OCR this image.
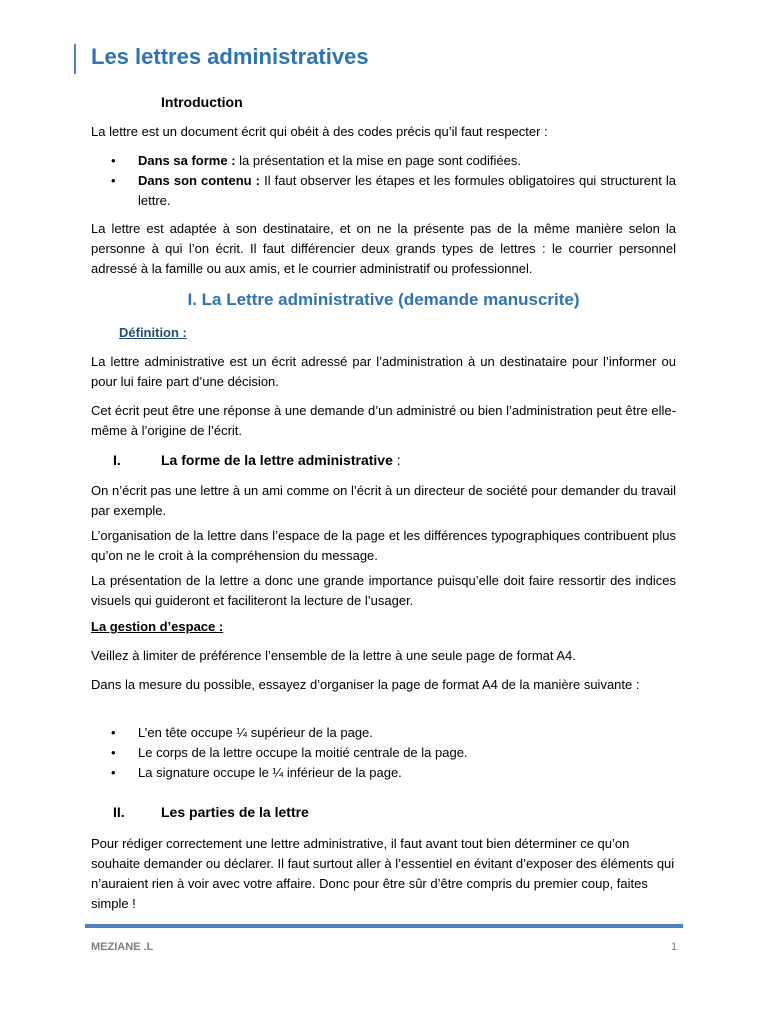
Les lettres administratives
Introduction
La lettre est un document écrit qui obéit à des codes précis qu’il faut respecter :
• Dans sa forme : la présentation et la mise en page sont codifiées.
• Dans son contenu : Il faut observer les étapes et les formules obligatoires qui structurent la lettre.
La lettre est adaptée à son destinataire, et on ne la présente pas de la même manière selon la personne à qui l’on écrit. Il faut différencier deux grands types de lettres : le courrier personnel adressé à la famille ou aux amis, et le courrier administratif ou professionnel.
I. La Lettre administrative (demande manuscrite)
Définition :
La lettre administrative est un écrit adressé par l’administration à un destinataire pour l’informer ou pour lui faire part d’une décision.
Cet écrit peut être une réponse à une demande d’un administré ou bien l’administration peut être elle-même à l’origine de l’écrit.
I.	La forme de la lettre administrative :
On n’écrit pas une lettre à un ami comme on l’écrit à un directeur de société pour demander du travail par exemple.
L’organisation de la lettre dans l’espace de la page et les différences typographiques contribuent plus qu’on ne le croit à la compréhension du message.
La présentation de la lettre a donc une grande importance puisqu’elle doit faire ressortir des indices visuels qui guideront et faciliteront la lecture de l’usager.
La gestion d’espace :
Veillez à limiter de préférence l’ensemble de la lettre à une seule page de format A4.
Dans la mesure du possible, essayez d’organiser la page de format A4 de la manière suivante :
• L’en tête occupe ¼ supérieur de la page.
• Le corps de la lettre occupe la moitié centrale de la page.
• La signature occupe le ¼ inférieur de la page.
II.	Les parties de la lettre
Pour rédiger correctement une lettre administrative, il faut avant tout bien déterminer ce qu’on souhaite demander ou déclarer. Il faut surtout aller à l’essentiel en évitant d’exposer des éléments qui n’auraient rien à voir avec votre affaire. Donc pour être sûr d’être compris du premier coup, faites simple !
MEZIANE .L	1
